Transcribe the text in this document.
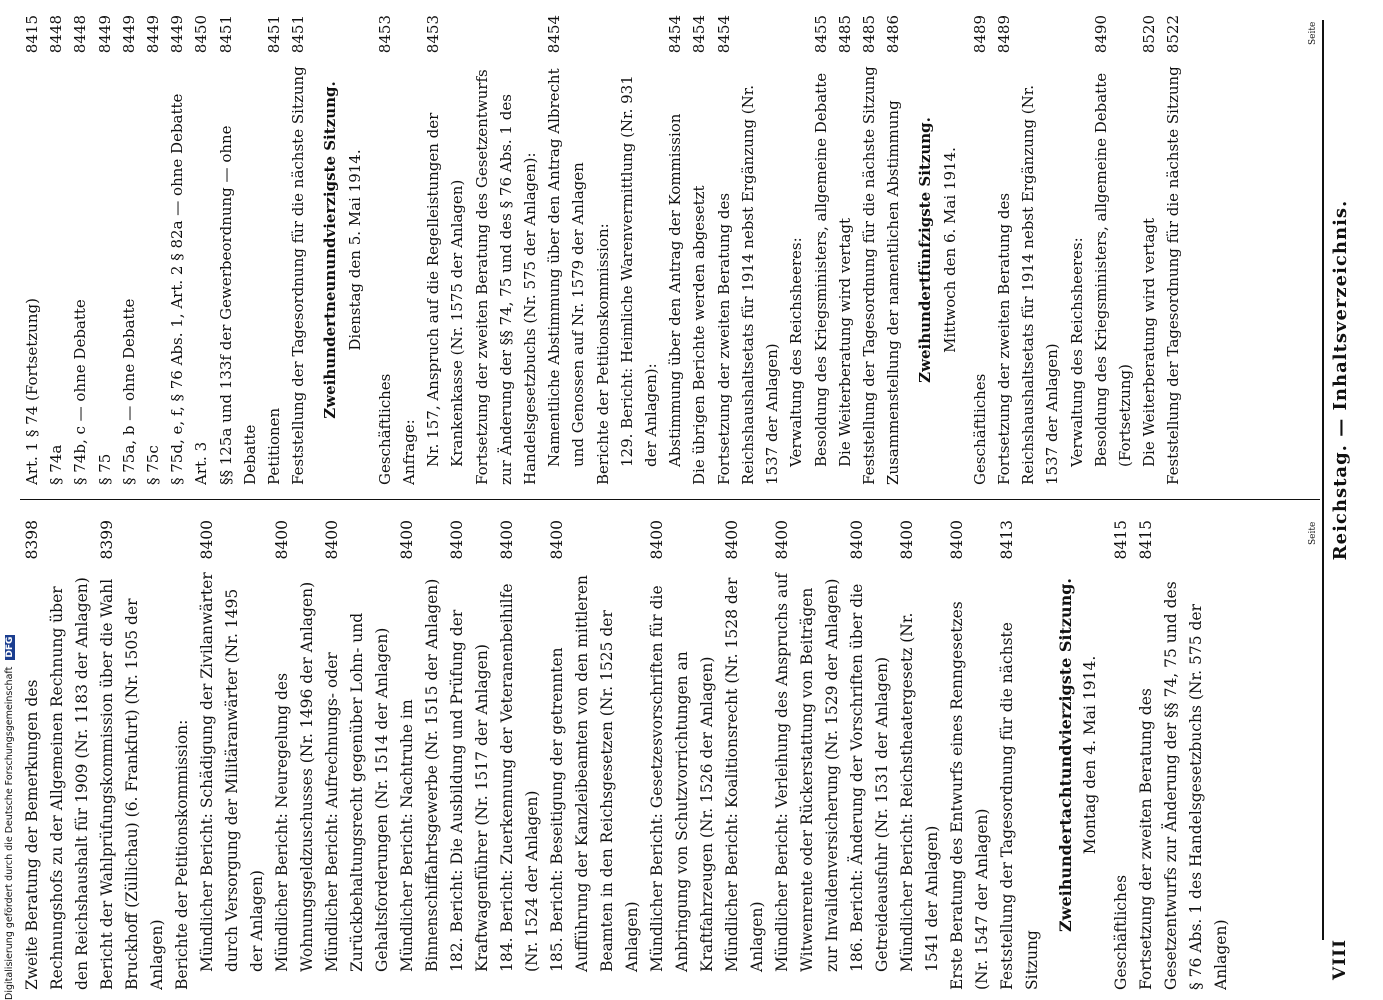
VIII
Reichstag. — Inhaltsverzeichnis.
Seite
Seite
Zweite Beratung der Bemerkungen des Rechnungshofs zu der Allgemeinen Rechnung über den Reichshaushalt für 1909 (Nr. 1183 der Anlagen)
8398
Bericht der Wahlprüfungskommission über die Wahl Bruckhoff (Züllichau) (6. Frankfurt) (Nr. 1505 der Anlagen)
8399
Berichte der Petitionskommission: Mündlicher Bericht: Schädigung der Zivilanwärter durch Versorgung der Militäranwärter (Nr. 1495 der Anlagen)
8400
Mündlicher Bericht: Neuregelung des Wohnungsgeldzuschusses (Nr. 1496 der Anlagen)
8400
Mündlicher Bericht: Aufrechnungs- oder Zurückbehaltungsrecht gegenüber Lohn- und Gehaltsforderungen (Nr. 1514 der Anlagen)
8400
Mündlicher Bericht: Nachtruhe im Binnenschiffahrtsgewerbe (Nr. 1515 der Anlagen)
8400
182. Bericht: Die Ausbildung und Prüfung der Kraftwagenführer (Nr. 1517 der Anlagen)
8400
184. Bericht: Zuerkennung der Veteranenbeihilfe (Nr. 1524 der Anlagen)
8400
185. Bericht: Beseitigung der getrennten Aufführung der Kanzleibeamten von den mittleren Beamten in den Reichsgesetzen (Nr. 1525 der Anlagen)
8400
Mündlicher Bericht: Gesetzesvorschriften für die Anbringung von Schutzvorrichtungen an Kraftfahrzeugen (Nr. 1526 der Anlagen)
8400
Mündlicher Bericht: Koalitionsrecht (Nr. 1528 der Anlagen)
8400
Mündlicher Bericht: Verleihung des Anspruchs auf Witwenrente oder Rückerstattung von Beiträgen zur Invalidenversicherung (Nr. 1529 der Anlagen)
8400
186. Bericht: Änderung der Vorschriften über die Getreideausfuhr (Nr. 1531 der Anlagen)
8400
Mündlicher Bericht: Reichstheatergesetz (Nr. 1541 der Anlagen)
8400
Erste Beratung des Entwurfs eines Renngesetzes (Nr. 1547 der Anlagen)
8400
Feststellung der Tagesordnung für die nächste Sitzung
8413
Zweihundertachtundvierzigste Sitzung. Montag den 4. Mai 1914.
Geschäftliches
8415
Fortsetzung der zweiten Beratung des Gesetzentwurfs zur Änderung der §§ 74, 75 und des § 76 Abs. 1 des Handelsgesetzbuchs (Nr. 575 der Anlagen)
8415
Art. 1 § 74 (Fortsetzung)
8415
§ 74a
8448
§ 74b, c — ohne Debatte
8448
§ 75
8449
§ 75a, b — ohne Debatte
8449
§ 75c
8449
§ 75d, e, f, § 76 Abs. 1, Art. 2 § 82a — ohne Debatte
8449
Art. 3
8450
§§ 125a und 133f der Gewerbeordnung — ohne Debatte
8451
Petitionen
8451
Feststellung der Tagesordnung für die nächste Sitzung
8451
Zweihundertneunundvierzigste Sitzung. Dienstag den 5. Mai 1914.
Geschäftliches
8453
Anfrage: Nr. 157, Anspruch auf die Regelleistungen der Krankenkasse (Nr. 1575 der Anlagen)
8453
Fortsetzung der zweiten Beratung des Gesetzentwurfs zur Änderung der §§ 74, 75 und des § 76 Abs. 1 des Handelsgesetzbuchs (Nr. 575 der Anlagen): Namentliche Abstimmung über den Antrag Albrecht und Genossen auf Nr. 1579 der Anlagen
8454
Berichte der Petitionskommission: 129. Bericht: Heimliche Warenvermittlung (Nr. 931 der Anlagen): Abstimmung über den Antrag der Kommission
8454
Die übrigen Berichte werden abgesetzt
8454
Fortsetzung der zweiten Beratung des Reichshaushaltsetats für 1914 nebst Ergänzung (Nr. 1537 der Anlagen)
8454
Verwaltung des Reichsheeres: Besoldung des Kriegsministers, allgemeine Debatte
8455
Die Weiterberatung wird vertagt
8485
Feststellung der Tagesordnung für die nächste Sitzung
8485
Zusammenstellung der namentlichen Abstimmung
8486
Zweihundertfünfzigste Sitzung. Mittwoch den 6. Mai 1914.
Geschäftliches
8489
Fortsetzung der zweiten Beratung des Reichshaushaltsetats für 1914 nebst Ergänzung (Nr. 1537 der Anlagen)
8489
Verwaltung des Reichsheeres: Besoldung des Kriegsministers, allgemeine Debatte (Fortsetzung)
8490
Die Weiterberatung wird vertagt
8520
Feststellung der Tagesordnung für die nächste Sitzung
8522
Digitalisierung gefördert durch die Deutsche Forschungsgemeinschaft DFG
